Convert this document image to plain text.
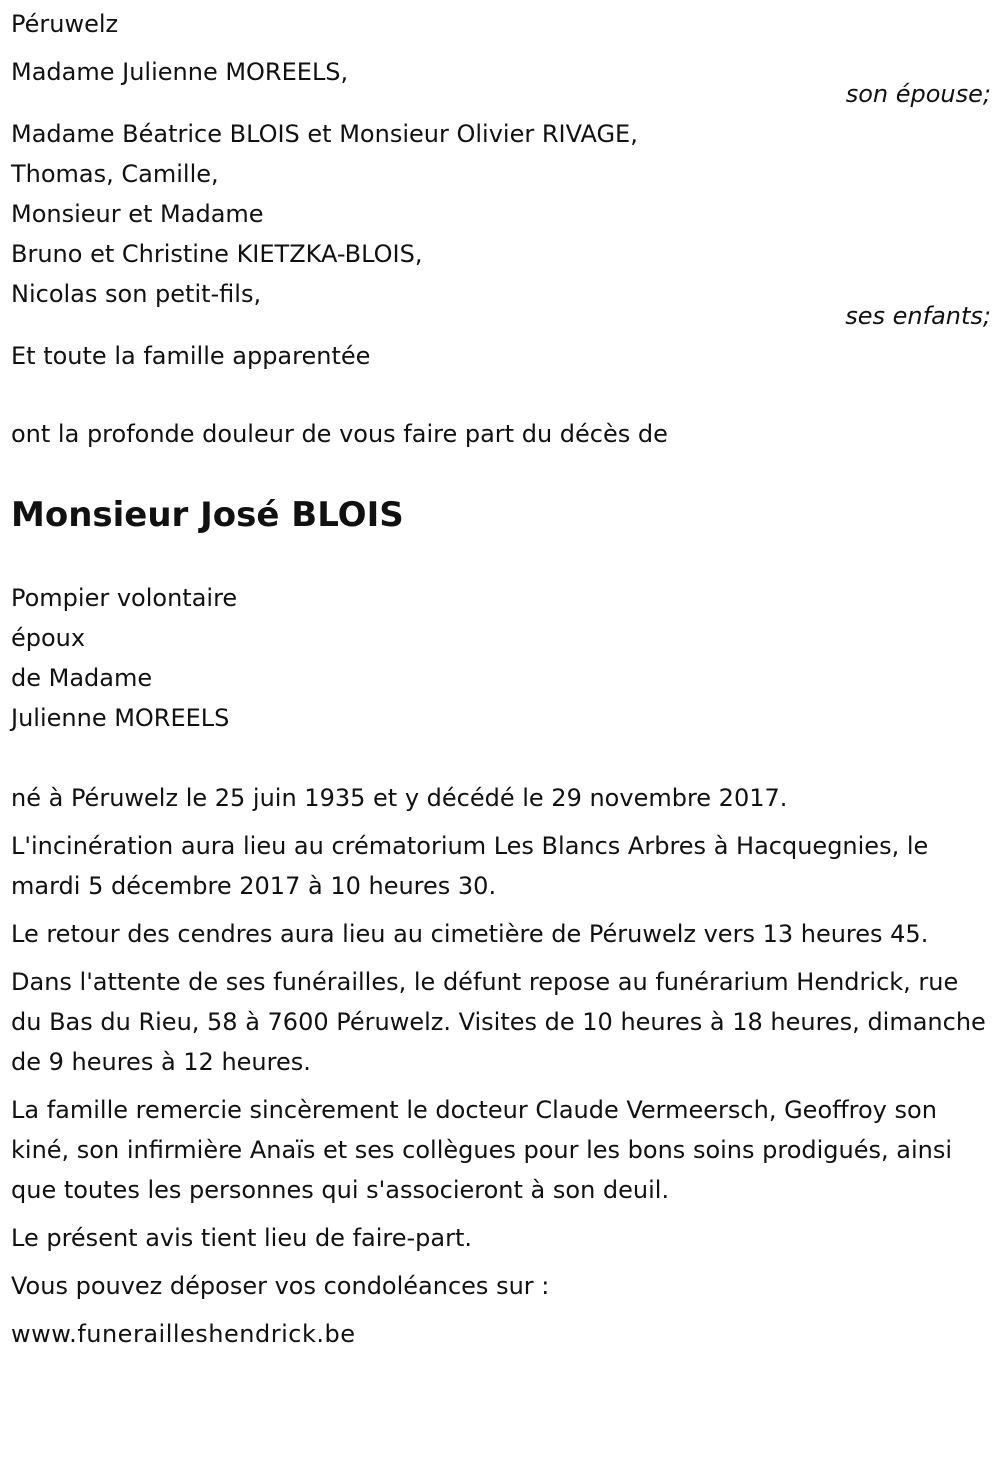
Péruwelz
Madame Julienne MOREELS,
son épouse;
Madame Béatrice BLOIS et Monsieur Olivier RIVAGE,
Thomas, Camille,
Monsieur et Madame
Bruno et Christine KIETZKA-BLOIS,
Nicolas son petit-fils,
ses enfants;
Et toute la famille apparentée
ont la profonde douleur de vous faire part du décès de
Monsieur José BLOIS
Pompier volontaire
époux
de Madame
Julienne MOREELS

né à Péruwelz le 25 juin 1935 et y décédé le 29 novembre 2017.

L'incinération aura lieu au crématorium Les Blancs Arbres à Hacquegnies, le mardi 5 décembre 2017 à 10 heures 30.

Le retour des cendres aura lieu au cimetière de Péruwelz vers 13 heures 45.

Dans l'attente de ses funérailles, le défunt repose au funérarium Hendrick, rue du Bas du Rieu, 58 à 7600 Péruwelz. Visites de 10 heures à 18 heures, dimanche de 9 heures à 12 heures.

La famille remercie sincèrement le docteur Claude Vermeersch, Geoffroy son kiné, son infirmière Anaïs et ses collègues pour les bons soins prodigués, ainsi que toutes les personnes qui s'associeront à son deuil.

Le présent avis tient lieu de faire-part.

Vous pouvez déposer vos condoléances sur :

www.funerailleshendrick.be
